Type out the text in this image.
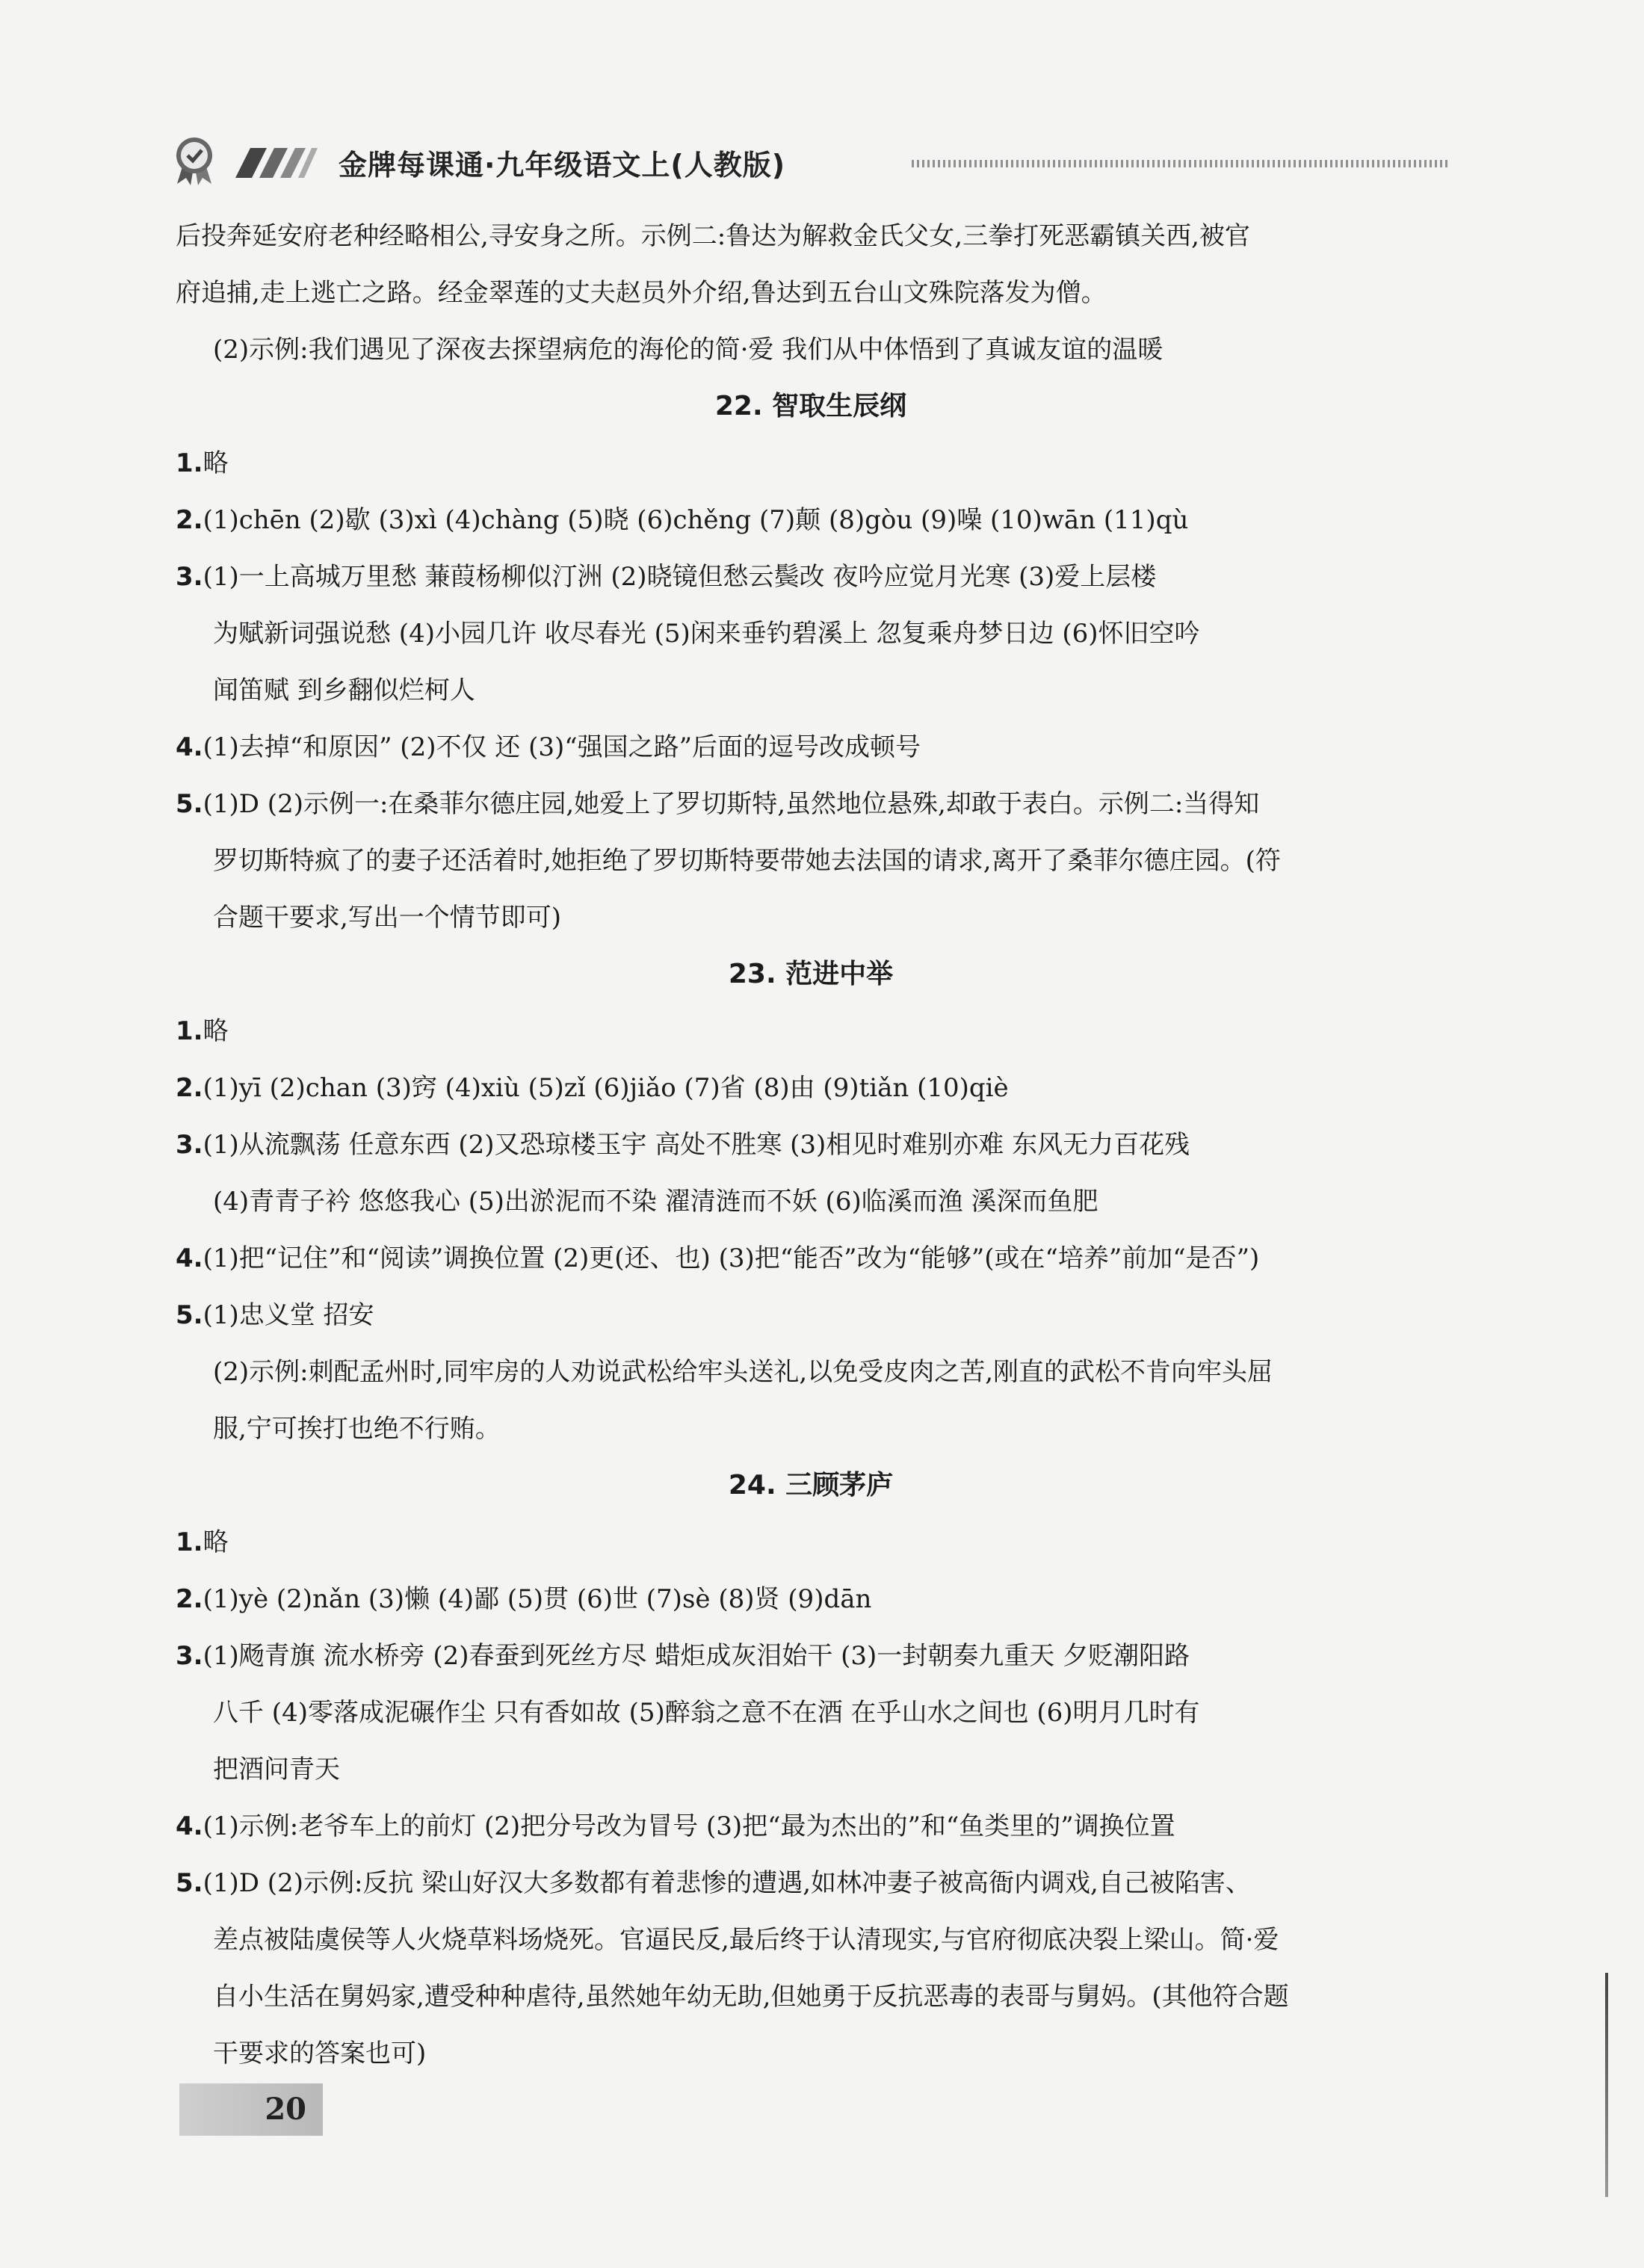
金牌每课通·九年级语文上(人教版)

后投奔延安府老种经略相公,寻安身之所。示例二:鲁达为解救金氏父女,三拳打死恶霸镇关西,被官

府追捕,走上逃亡之路。经金翠莲的丈夫赵员外介绍,鲁达到五台山文殊院落发为僧。

(2)示例:我们遇见了深夜去探望病危的海伦的简·爱 我们从中体悟到了真诚友谊的温暖

22. 智取生辰纲

1.略

2.(1)chēn (2)歇 (3)xì (4)chàng (5)晓 (6)chěng (7)颠 (8)gòu (9)噪 (10)wān (11)qù

3.(1)一上高城万里愁 蒹葭杨柳似汀洲 (2)晓镜但愁云鬓改 夜吟应觉月光寒 (3)爱上层楼

为赋新词强说愁 (4)小园几许 收尽春光 (5)闲来垂钓碧溪上 忽复乘舟梦日边 (6)怀旧空吟

闻笛赋 到乡翻似烂柯人

4.(1)去掉“和原因” (2)不仅 还 (3)“强国之路”后面的逗号改成顿号

5.(1)D (2)示例一:在桑菲尔德庄园,她爱上了罗切斯特,虽然地位悬殊,却敢于表白。示例二:当得知

罗切斯特疯了的妻子还活着时,她拒绝了罗切斯特要带她去法国的请求,离开了桑菲尔德庄园。(符

合题干要求,写出一个情节即可)

23. 范进中举

1.略

2.(1)yī (2)chan (3)窍 (4)xiù (5)zǐ (6)jiǎo (7)省 (8)由 (9)tiǎn (10)qiè

3.(1)从流飘荡 任意东西 (2)又恐琼楼玉宇 高处不胜寒 (3)相见时难别亦难 东风无力百花残

(4)青青子衿 悠悠我心 (5)出淤泥而不染 濯清涟而不妖 (6)临溪而渔 溪深而鱼肥

4.(1)把“记住”和“阅读”调换位置 (2)更(还、也) (3)把“能否”改为“能够”(或在“培养”前加“是否”)

5.(1)忠义堂 招安

(2)示例:刺配孟州时,同牢房的人劝说武松给牢头送礼,以免受皮肉之苦,刚直的武松不肯向牢头屈

服,宁可挨打也绝不行贿。

24. 三顾茅庐

1.略

2.(1)yè (2)nǎn (3)懒 (4)鄙 (5)贯 (6)世 (7)sè (8)贤 (9)dān

3.(1)飏青旗 流水桥旁 (2)春蚕到死丝方尽 蜡炬成灰泪始干 (3)一封朝奏九重天 夕贬潮阳路

八千 (4)零落成泥碾作尘 只有香如故 (5)醉翁之意不在酒 在乎山水之间也 (6)明月几时有

把酒问青天

4.(1)示例:老爷车上的前灯 (2)把分号改为冒号 (3)把“最为杰出的”和“鱼类里的”调换位置

5.(1)D (2)示例:反抗 梁山好汉大多数都有着悲惨的遭遇,如林冲妻子被高衙内调戏,自己被陷害、

差点被陆虞侯等人火烧草料场烧死。官逼民反,最后终于认清现实,与官府彻底决裂上梁山。简·爱

自小生活在舅妈家,遭受种种虐待,虽然她年幼无助,但她勇于反抗恶毒的表哥与舅妈。(其他符合题

干要求的答案也可)

20
